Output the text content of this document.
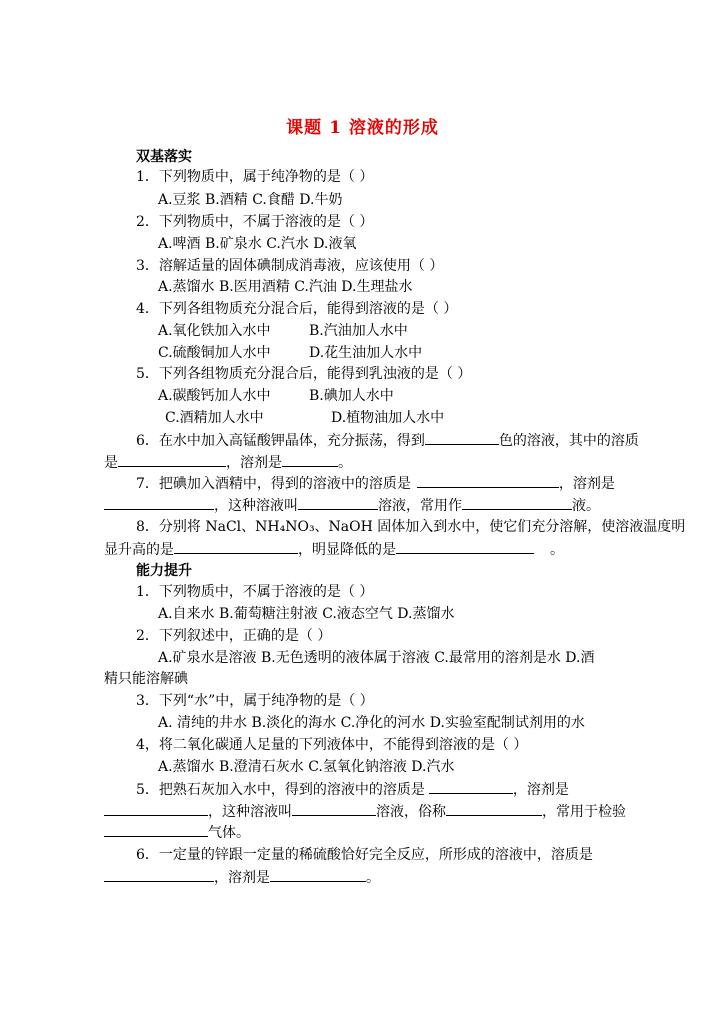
课题 1 溶液的形成
双基落实
1．下列物质中，属于纯净物的是（ ）
A.豆浆 B.酒精 C.食醋 D.牛奶
2．下列物质中，不属于溶液的是（ ）
A.啤酒 B.矿泉水 C.汽水 D.液氧
3．溶解适量的固体碘制成消毒液，应该使用（ ）
A.蒸馏水 B.医用酒精 C.汽油 D.生理盐水
4．下列各组物质充分混合后，能得到溶液的是（ ）
A.氧化铁加入水中	B.汽油加人水中
C.硫酸铜加人水中	D.花生油加人水中
5．下列各组物质充分混合后，能得到乳浊液的是（ ）
A.碳酸钙加人水中	B.碘加人水中
C.酒精加人水中	D.植物油加人水中
6．在水中加入高锰酸钾晶体，充分振荡，得到	色的溶液，其中的溶质
是	，溶剂是	。
7．把碘加入酒精中，得到的溶液中的溶质是	，溶剂是
，这种溶液叫	溶液，常用作	液。
8．分别将 NaCl、NH₄NO₃、NaOH 固体加入到水中，使它们充分溶解，使溶液温度明
显升高的是	，明显降低的是	。
能力提升
1．下列物质中，不属于溶液的是（ ）
A.自来水 B.葡萄糖注射液 C.液态空气 D.蒸馏水
2．下列叙述中，正确的是（ ）
A.矿泉水是溶液 B.无色透明的液体属于溶液 C.最常用的溶剂是水 D.酒
精只能溶解碘
3．下列“水”中，属于纯净物的是（ ）
A. 清纯的井水 B.淡化的海水 C.净化的河水 D.实验室配制试剂用的水
4，将二氧化碳通人足量的下列液体中，不能得到溶液的是（ ）
A.蒸馏水 B.澄清石灰水 C.氢氧化钠溶液 D.汽水
5．把熟石灰加入水中，得到的溶液中的溶质是	，溶剂是
，这种溶液叫	溶液，俗称	，常用于检验
气体。
6．一定量的锌跟一定量的稀硫酸恰好完全反应，所形成的溶液中，溶质是
，溶剂是	。
